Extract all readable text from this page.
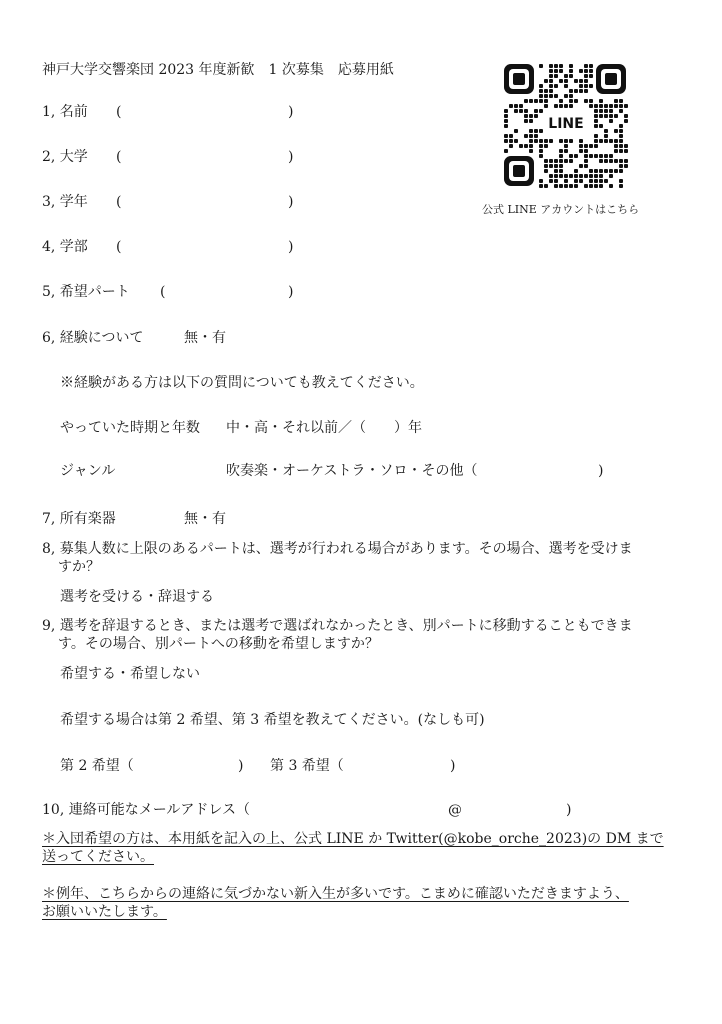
神戸大学交響楽団 2023 年度新歓　1 次募集　応募用紙
LINE
公式 LINE アカウントはこちら
1, 名前 (	)
2, 大学 (	)
3, 学年 (	)
4, 学部 (	)
5, 希望パート (	)
6, 経験について	無・有
※経験がある方は以下の質問についても教えてください。
やっていた時期と年数 中・高・それ以前／（　　）年
ジャンル	吹奏楽・オーケストラ・ソロ・その他（	)
7, 所有楽器	無・有
8, 募集人数に上限のあるパートは、選考が行われる場合があります。その場合、選考を受けま
すか？
選考を受ける・辞退する
9, 選考を辞退するとき、または選考で選ばれなかったとき、別パートに移動することもできま
す。その場合、別パートへの移動を希望しますか？
希望する・希望しない
希望する場合は第 2 希望、第 3 希望を教えてください。(なしも可)
第 2 希望（	) 第 3 希望（	)
10, 連絡可能なメールアドレス（	@	)
＊入団希望の方は、本用紙を記入の上、公式 LINE か Twitter(@kobe_orche_2023)の DM まで
送ってください。
＊例年、こちらからの連絡に気づかない新入生が多いです。こまめに確認いただきますよう、
お願いいたします。
